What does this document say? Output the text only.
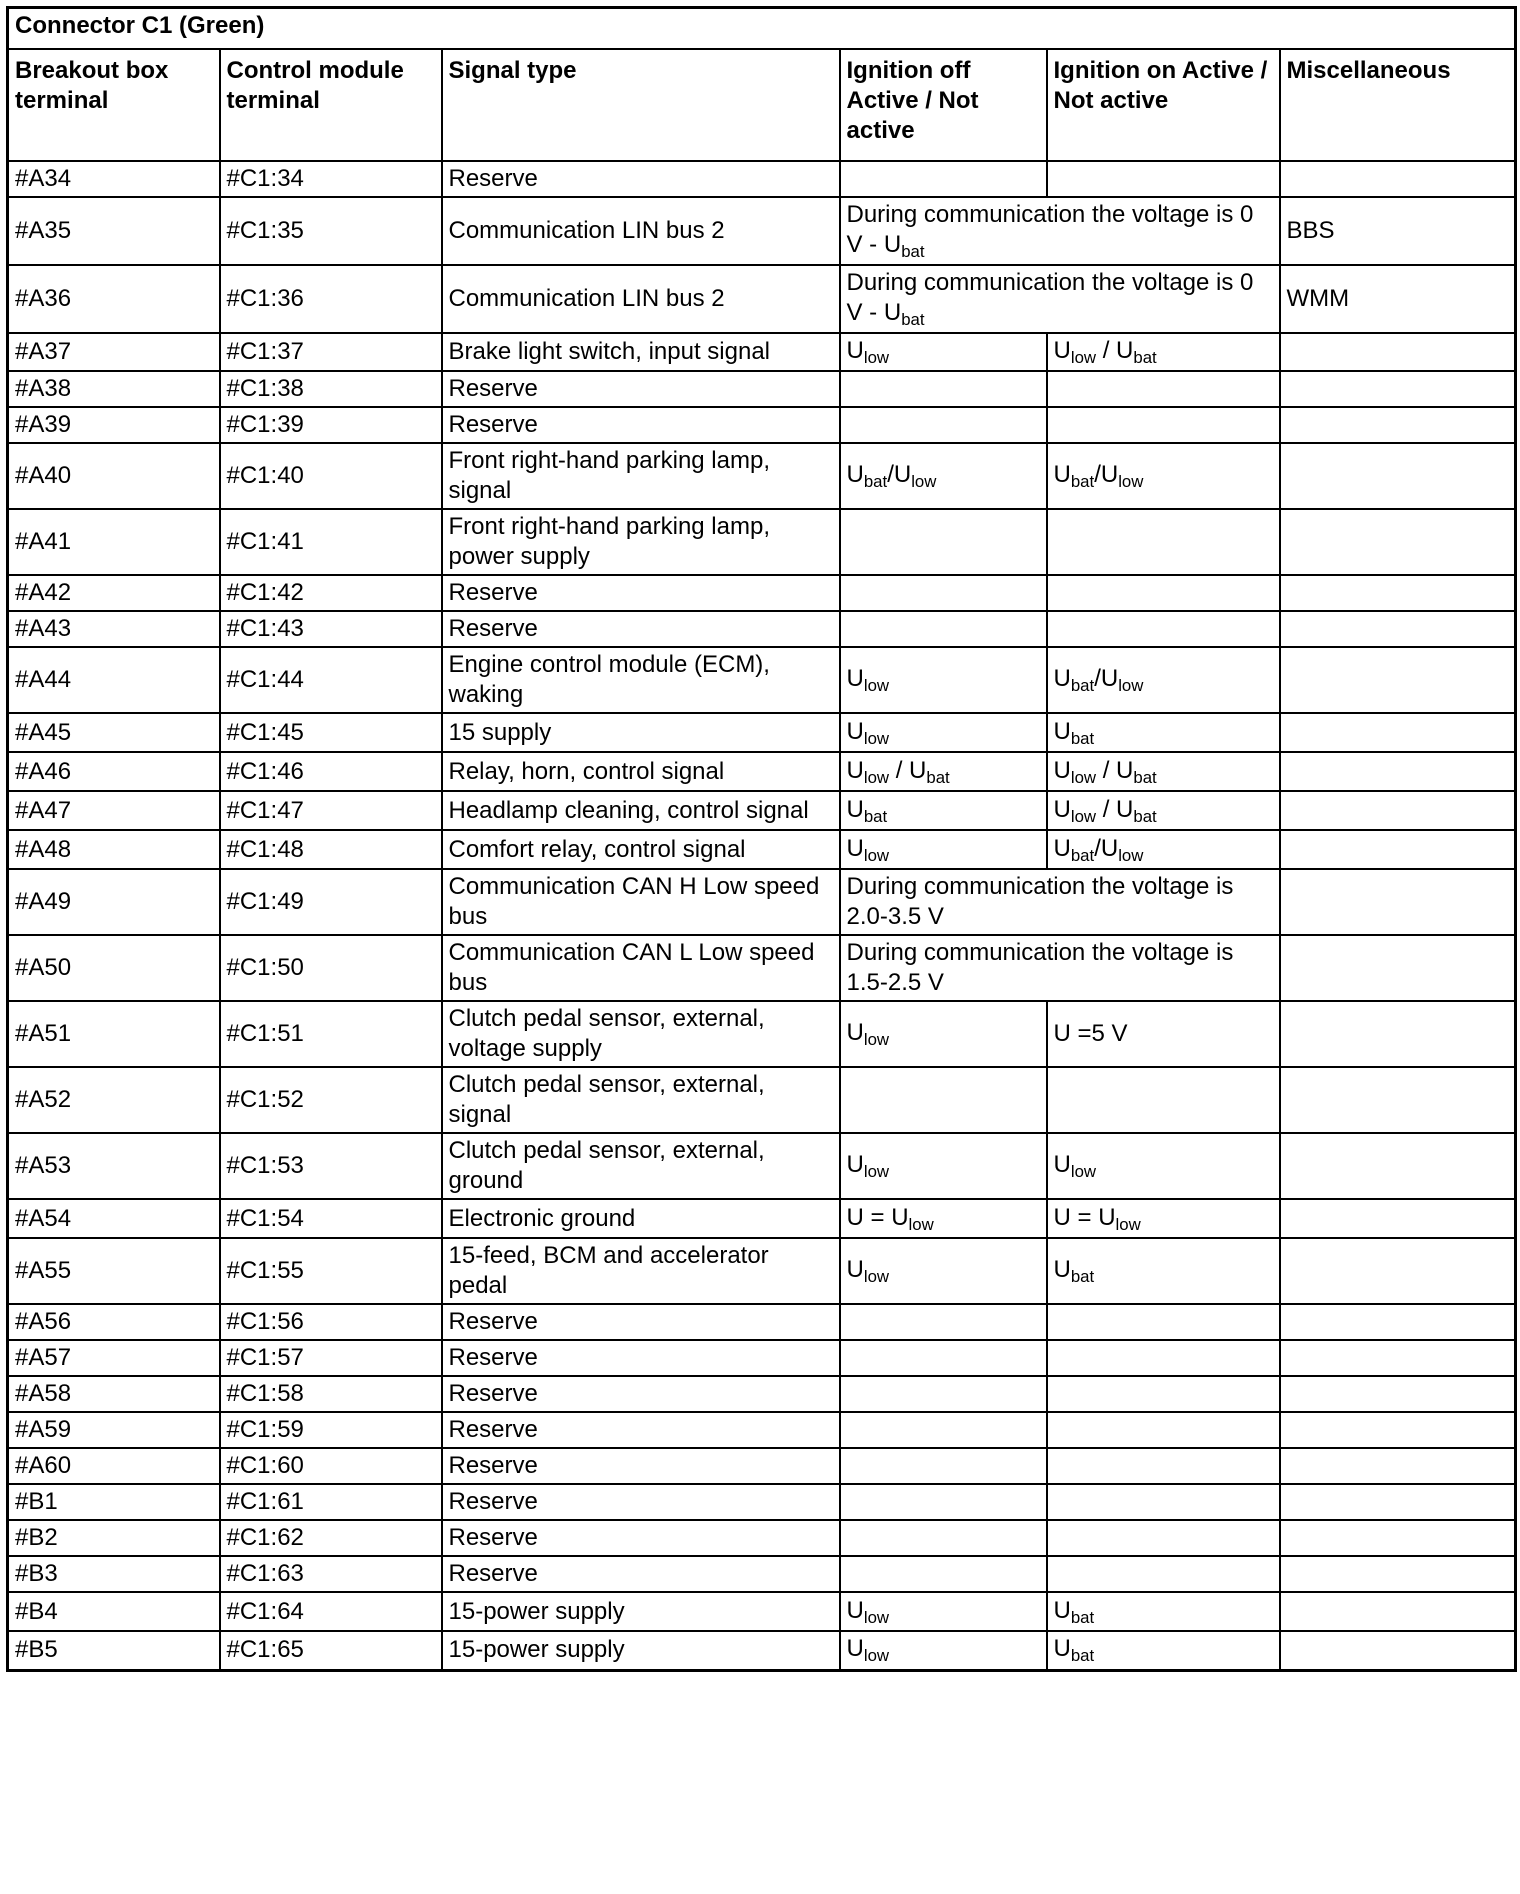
Connector C1 (Green)					
Breakout box terminal	Control module terminal	Signal type	Ignition off Active / Not active	Ignition on Active / Not active	Miscellaneous
#A34	#C1:34	Reserve			
#A35	#C1:35	Communication LIN bus 2	During communication the voltage is 0 V - $U_{bat}$		BBS
#A36	#C1:36	Communication LIN bus 2	During communication the voltage is 0 V - $U_{bat}$		WMM
#A37	#C1:37	Brake light switch, input signal	$U_{low}$	$U_{low} / U_{bat}$	
#A38	#C1:38	Reserve			
#A39	#C1:39	Reserve			
#A40	#C1:40	Front right-hand parking lamp, signal	$U_{bat}/U_{low}$	$U_{bat}/U_{low}$	
#A41	#C1:41	Front right-hand parking lamp, power supply			
#A42	#C1:42	Reserve			
#A43	#C1:43	Reserve			
#A44	#C1:44	Engine control module (ECM), waking	$U_{low}$	$U_{bat}/U_{low}$	
#A45	#C1:45	15 supply	$U_{low}$	$U_{bat}$	
#A46	#C1:46	Relay, horn, control signal	$U_{low} / U_{bat}$	$U_{low} / U_{bat}$	
#A47	#C1:47	Headlamp cleaning, control signal	$U_{bat}$	$U_{low} / U_{bat}$	
#A48	#C1:48	Comfort relay, control signal	$U_{low}$	$U_{bat}/U_{low}$	
#A49	#C1:49	Communication CAN H Low speed bus	During communication the voltage is 2.0-3.5 V		
#A50	#C1:50	Communication CAN L Low speed bus	During communication the voltage is 1.5-2.5 V		
#A51	#C1:51	Clutch pedal sensor, external, voltage supply	$U_{low}$	U =5 V	
#A52	#C1:52	Clutch pedal sensor, external, signal			
#A53	#C1:53	Clutch pedal sensor, external, ground	$U_{low}$	$U_{low}$	
#A54	#C1:54	Electronic ground	$U = U_{low}$	$U = U_{low}$	
#A55	#C1:55	15-feed, BCM and accelerator pedal	$U_{low}$	$U_{bat}$	
#A56	#C1:56	Reserve			
#A57	#C1:57	Reserve			
#A58	#C1:58	Reserve			
#A59	#C1:59	Reserve			
#A60	#C1:60	Reserve			
#B1	#C1:61	Reserve			
#B2	#C1:62	Reserve			
#B3	#C1:63	Reserve			
#B4	#C1:64	15-power supply	$U_{low}$	$U_{bat}$	
#B5	#C1:65	15-power supply	$U_{low}$	$U_{bat}$	
